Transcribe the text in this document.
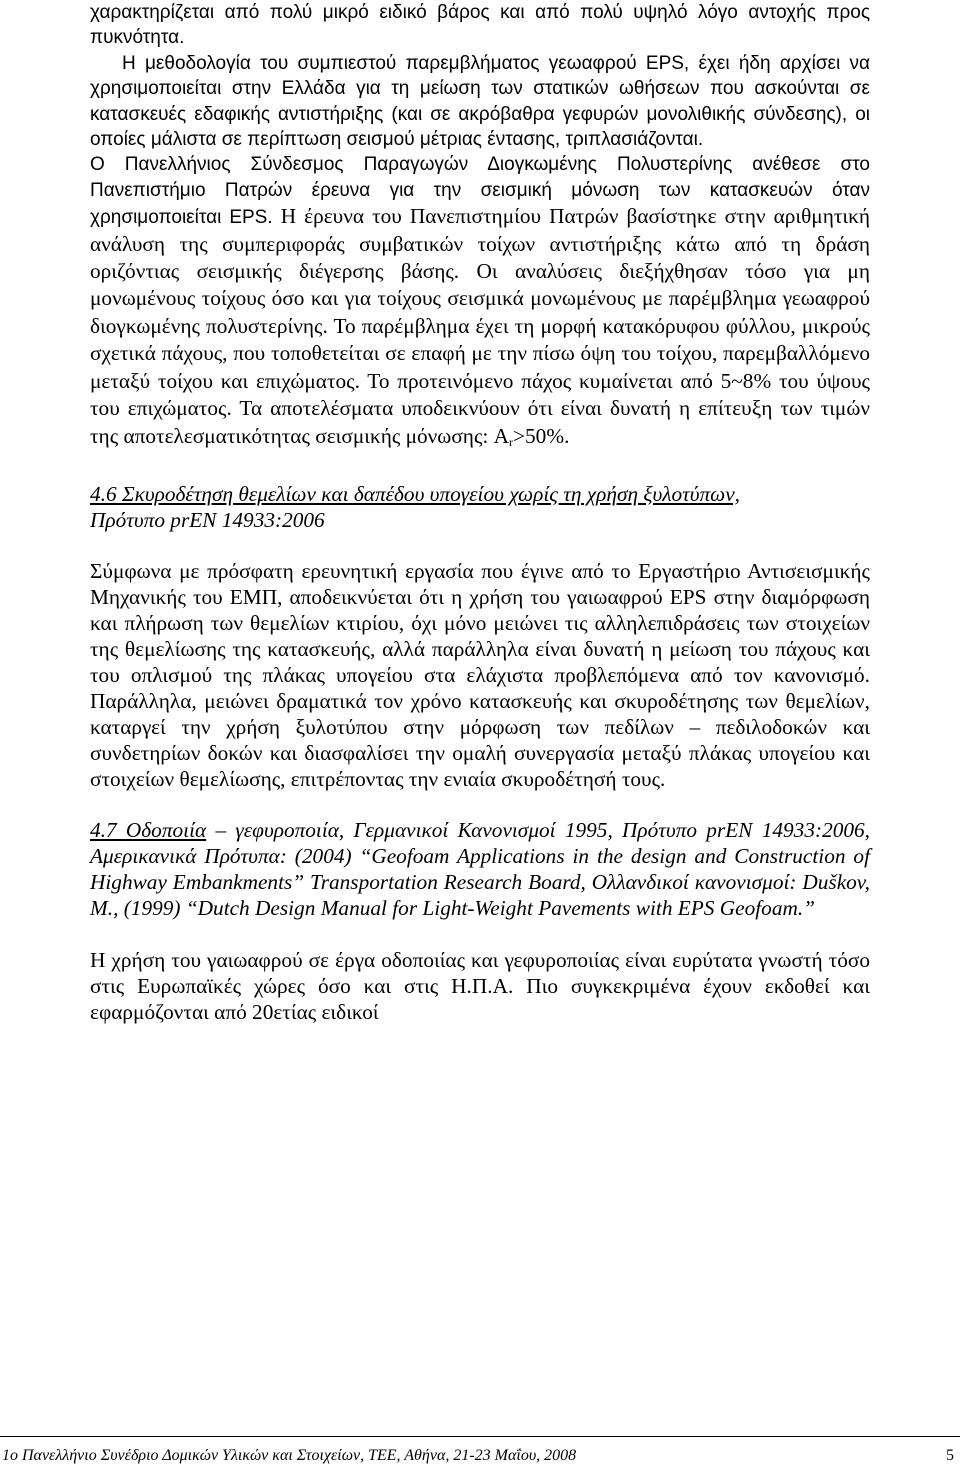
χαρακτηρίζεται από πολύ μικρό ειδικό βάρος και από πολύ υψηλό λόγο αντοχής προς πυκνότητα.

Η μεθοδολογία του συμπιεστού παρεμβλήματος γεωαφρού EPS, έχει ήδη αρχίσει να χρησιμοποιείται στην Ελλάδα για τη μείωση των στατικών ωθήσεων που ασκούνται σε κατασκευές εδαφικής αντιστήριξης (και σε ακρόβαθρα γεφυρών μονολιθικής σύνδεσης), οι οποίες μάλιστα σε περίπτωση σεισμού μέτριας έντασης, τριπλασιάζονται.

Ο Πανελλήνιος Σύνδεσμος Παραγωγών Διογκωμένης Πολυστερίνης ανέθεσε στο Πανεπιστήμιο Πατρών έρευνα για την σεισμική μόνωση των κατασκευών όταν χρησιμοποιείται EPS. Η έρευνα του Πανεπιστημίου Πατρών βασίστηκε στην αριθμητική ανάλυση της συμπεριφοράς συμβατικών τοίχων αντιστήριξης κάτω από τη δράση οριζόντιας σεισμικής διέγερσης βάσης. Οι αναλύσεις διεξήχθησαν τόσο για μη μονωμένους τοίχους όσο και για τοίχους σεισμικά μονωμένους με παρέμβλημα γεωαφρού διογκωμένης πολυστερίνης. Το παρέμβλημα έχει τη μορφή κατακόρυφου φύλλου, μικρούς σχετικά πάχους, που τοποθετείται σε επαφή με την πίσω όψη του τοίχου, παρεμβαλλόμενο μεταξύ τοίχου και επιχώματος. Το προτεινόμενο πάχος κυμαίνεται από 5~8% του ύψους του επιχώματος. Τα αποτελέσματα υποδεικνύουν ότι είναι δυνατή η επίτευξη των τιμών της αποτελεσματικότητας σεισμικής μόνωσης: $A_r>50\%$.

4.6 Σκυροδέτηση θεμελίων και δαπέδου υπογείου χωρίς τη χρήση ξυλοτύπων,
Πρότυπο prEN 14933:2006

Σύμφωνα με πρόσφατη ερευνητική εργασία που έγινε από το Εργαστήριο Αντισεισμικής Μηχανικής του ΕΜΠ, αποδεικνύεται ότι η χρήση του γαιωαφρού EPS στην διαμόρφωση και πλήρωση των θεμελίων κτιρίου, όχι μόνο μειώνει τις αλληλεπιδράσεις των στοιχείων της θεμελίωσης της κατασκευής, αλλά παράλληλα είναι δυνατή η μείωση του πάχους και του οπλισμού της πλάκας υπογείου στα ελάχιστα προβλεπόμενα από τον κανονισμό. Παράλληλα, μειώνει δραματικά τον χρόνο κατασκευής και σκυροδέτησης των θεμελίων, καταργεί την χρήση ξυλοτύπου στην μόρφωση των πεδίλων – πεδιλοδοκών και συνδετηρίων δοκών και διασφαλίσει την ομαλή συνεργασία μεταξύ πλάκας υπογείου και στοιχείων θεμελίωσης, επιτρέποντας την ενιαία σκυροδέτησή τους.

4.7 Οδοποιία – γεφυροποιία, Γερμανικοί Κανονισμοί 1995, Πρότυπο prEN 14933:2006, Αμερικανικά Πρότυπα: (2004) “Geofoam Applications in the design and Construction of Highway Embankments” Transportation Research Board, Ολλανδικοί κανονισμοί: Duškov, M., (1999) “Dutch Design Manual for Light-Weight Pavements with EPS Geofoam.”

Η χρήση του γαιωαφρού σε έργα οδοποιίας και γεφυροποιίας είναι ευρύτατα γνωστή τόσο στις Ευρωπαϊκές χώρες όσο και στις Η.Π.Α. Πιο συγκεκριμένα έχουν εκδοθεί και εφαρμόζονται από 20ετίας ειδικοί

1ο Πανελλήνιο Συνέδριο Δομικών Υλικών και Στοιχείων, ΤΕΕ, Αθήνα, 21-23 Μαΐου, 2008	5
